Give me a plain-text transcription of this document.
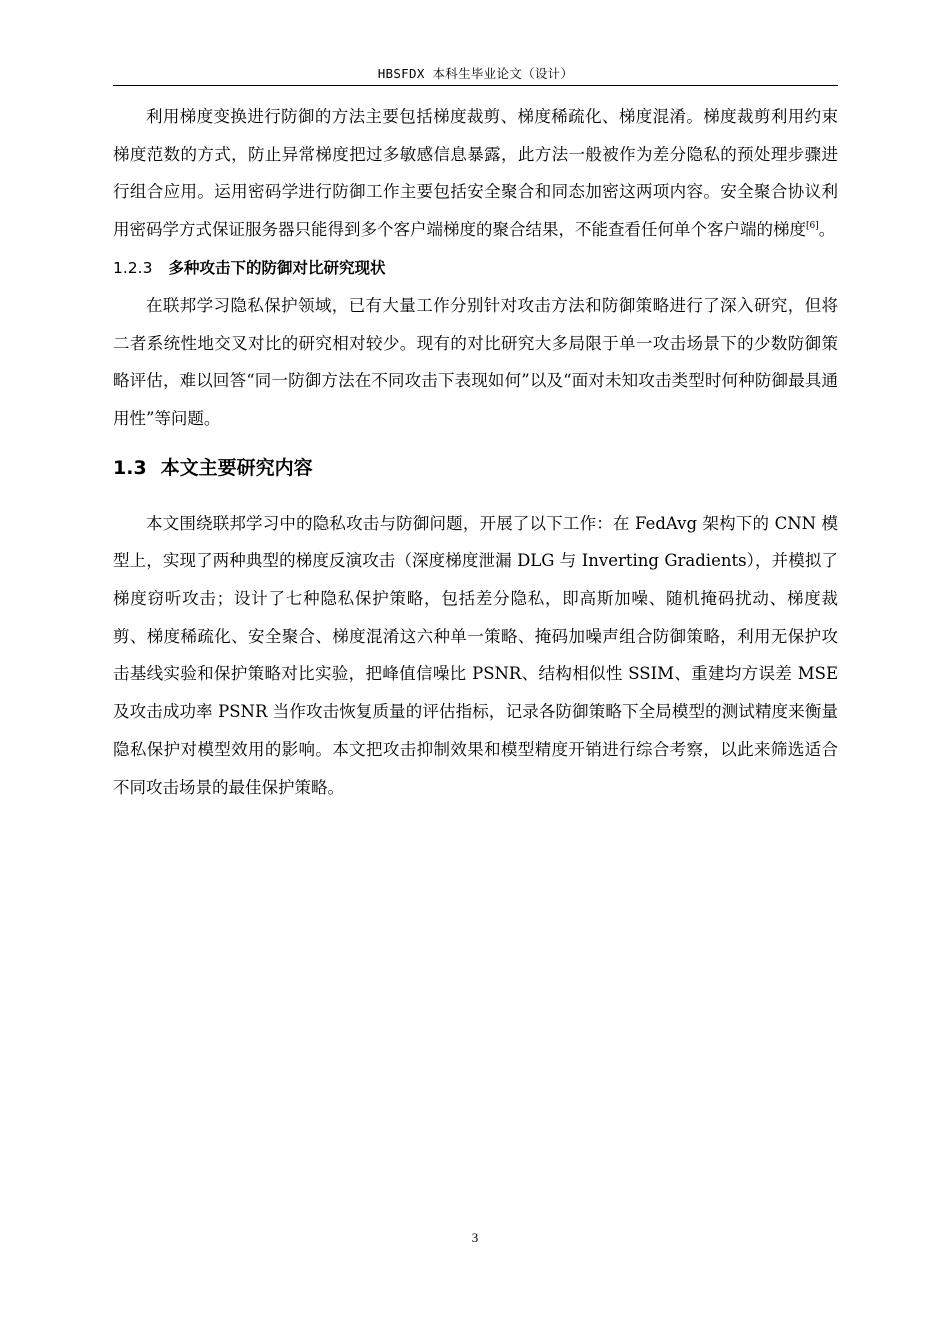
HBSFDX 本科生毕业论文（设计）

利用梯度变换进行防御的方法主要包括梯度裁剪、梯度稀疏化、梯度混淆。梯度裁剪利用约束梯度范数的方式，防止异常梯度把过多敏感信息暴露，此方法一般被作为差分隐私的预处理步骤进行组合应用。运用密码学进行防御工作主要包括安全聚合和同态加密这两项内容。安全聚合协议利用密码学方式保证服务器只能得到多个客户端梯度的聚合结果，不能查看任何单个客户端的梯度[6]。

1.2.3 多种攻击下的防御对比研究现状

在联邦学习隐私保护领域，已有大量工作分别针对攻击方法和防御策略进行了深入研究，但将二者系统性地交叉对比的研究相对较少。现有的对比研究大多局限于单一攻击场景下的少数防御策略评估，难以回答“同一防御方法在不同攻击下表现如何”以及“面对未知攻击类型时何种防御最具通用性”等问题。

1.3 本文主要研究内容

本文围绕联邦学习中的隐私攻击与防御问题，开展了以下工作：在 FedAvg 架构下的 CNN 模型上，实现了两种典型的梯度反演攻击（深度梯度泄漏 DLG 与 Inverting Gradients），并模拟了梯度窃听攻击；设计了七种隐私保护策略，包括差分隐私，即高斯加噪、随机掩码扰动、梯度裁剪、梯度稀疏化、安全聚合、梯度混淆这六种单一策略、掩码加噪声组合防御策略，利用无保护攻击基线实验和保护策略对比实验，把峰值信噪比 PSNR、结构相似性 SSIM、重建均方误差 MSE 及攻击成功率 PSNR 当作攻击恢复质量的评估指标，记录各防御策略下全局模型的测试精度来衡量隐私保护对模型效用的影响。本文把攻击抑制效果和模型精度开销进行综合考察，以此来筛选适合不同攻击场景的最佳保护策略。

3
